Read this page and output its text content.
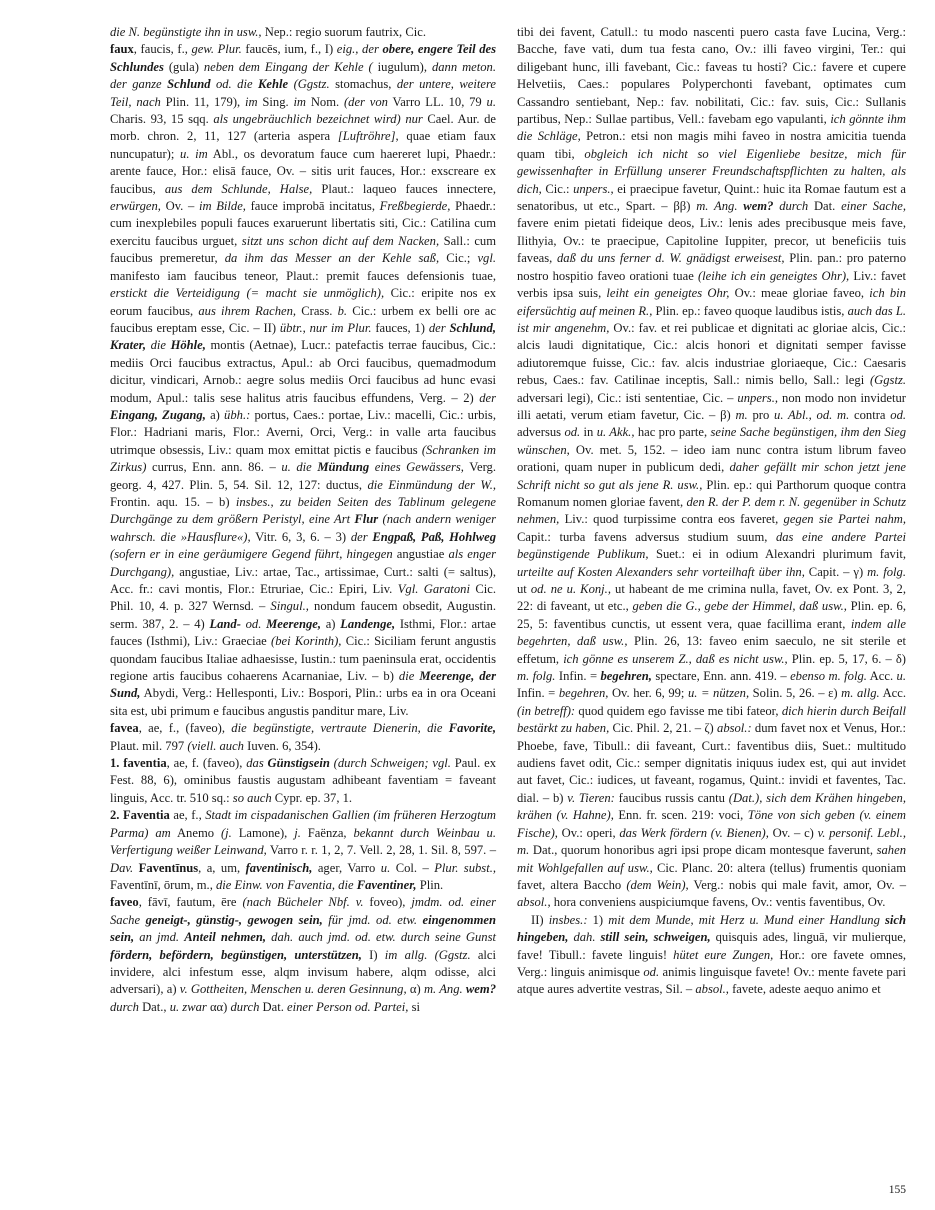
die N. begünstigte ihn in usw., Nep.: regio suorum fautrix, Cic.

faux, faucis, f., gew. Plur. faucēs, ium, f., I) eig., der obere, engere Teil des Schlundes (gula) neben dem Eingang der Kehle ( iugulum), dann meton. der ganze Schlund od. die Kehle (Ggstz. stomachus, der untere, weitere Teil, nach Plin. 11, 179), im Sing. im Nom. (der von Varro LL. 10, 79 u. Charis. 93, 15 sqq. als ungebräuchlich bezeichnet wird) nur Cael. Aur. de morb. chron. 2, 11, 127 (arteria aspera [Luftröhre], quae etiam faux nuncupatur); u. im Abl., os devoratum fauce cum haereret lupi, Phaedr.: arente fauce, Hor.: elisā fauce, Ov. – sitis urit fauces, Hor.: exscreare ex faucibus, aus dem Schlunde, Halse, Plaut.: laqueo fauces innectere, erwürgen, Ov. – im Bilde, fauce improbā incitatus, Freßbegierde, Phaedr.: cum inexplebiles populi fauces exaruerunt libertatis siti, Cic.: Catilina cum exercitu faucibus urguet, sitzt uns schon dicht auf dem Nacken, Sall.: cum faucibus premeretur, da ihm das Messer an der Kehle saß, Cic.; vgl. manifesto iam faucibus teneor, Plaut.: premit fauces defensionis tuae, erstickt die Verteidigung (= macht sie unmöglich), Cic.: eripite nos ex eorum faucibus, aus ihrem Rachen, Crass. b. Cic.: urbem ex belli ore ac faucibus ereptam esse, Cic. – II) übtr., nur im Plur. fauces, 1) der Schlund, Krater, die Höhle, montis (Aetnae), Lucr.: patefactis terrae faucibus, Cic.: mediis Orci faucibus extractus, Apul.: ab Orci faucibus, quemadmodum dicitur, vindicari, Arnob.: aegre solus mediis Orci faucibus ad hunc evasi modum, Apul.: talis sese halitus atris faucibus effundens, Verg. – 2) der Eingang, Zugang, a) übh.: portus, Caes.: portae, Liv.: macelli, Cic.: urbis, Flor.: Hadriani maris, Flor.: Averni, Orci, Verg.: in valle arta faucibus utrimque obsessis, Liv.: quam mox emittat pictis e faucibus (Schranken im Zirkus) currus, Enn. ann. 86. – u. die Mündung eines Gewässers, Verg. georg. 4, 427. Plin. 5, 54. Sil. 12, 127: ductus, die Einmündung der W., Frontin. aqu. 15. – b) insbes., zu beiden Seiten des Tablinum gelegene Durchgänge zu dem größern Peristyl, eine Art Flur (nach andern weniger wahrsch. die »Hausflure«), Vitr. 6, 3, 6. – 3) der Engpaß, Paß, Hohlweg (sofern er in eine geräumigere Gegend führt, hingegen angustiae als enger Durchgang), angustiae, Liv.: artae, Tac., artissimae, Curt.: salti (= saltus), Acc. fr.: cavi montis, Flor.: Etruriae, Cic.: Epiri, Liv. Vgl. Garatoni Cic. Phil. 10, 4. p. 327 Wernsd. – Singul., nondum faucem obsedit, Augustin. serm. 387, 2. – 4) Land- od. Meerenge, a) Landenge, Isthmi, Flor.: artae fauces (Isthmi), Liv.: Graeciae (bei Korinth), Cic.: Siciliam ferunt angustis quondam faucibus Italiae adhaesisse, Iustin.: tum paeninsula erat, occidentis regione artis faucibus cohaerens Acarnaniae, Liv. – b) die Meerenge, der Sund, Abydi, Verg.: Hellesponti, Liv.: Bospori, Plin.: urbs ea in ora Oceani sita est, ubi primum e faucibus angustis panditur mare, Liv.

favea, ae, f., (faveo), die begünstigte, vertraute Dienerin, die Favorite, Plaut. mil. 797 (viell. auch Iuven. 6, 354).

1. faventia, ae, f. (faveo), das Günstigsein (durch Schweigen; vgl. Paul. ex Fest. 88, 6), ominibus faustis augustam adhibeant faventiam = faveant linguis, Acc. tr. 510 sq.: so auch Cypr. ep. 37, 1.

2. Faventia ae, f., Stadt im cispadanischen Gallien (im früheren Herzogtum Parma) am Anemo (j. Lamone), j. Faënza, bekannt durch Weinbau u. Verfertigung weißer Leinwand, Varro r. r. 1, 2, 7. Vell. 2, 28, 1. Sil. 8, 597. – Dav. Faventīnus, a, um, faventinisch, ager, Varro u. Col. – Plur. subst., Faventīnī, ōrum, m., die Einw. von Faventia, die Faventiner, Plin.

faveo, fāvī, fautum, ēre (nach Bücheler Nbf. v. foveo), jmdm. od. einer Sache geneigt-, günstig-, gewogen sein, für jmd. od. etw. eingenommen sein, an jmd. Anteil nehmen, dah. auch jmd. od. etw. durch seine Gunst fördern, befördern, begünstigen, unterstützen, I) im allg. (Ggstz. alci invidere, alci infestum esse, alqm invisum habere, alqm odisse, alci adversari), a) v. Gottheiten, Menschen u. deren Gesinnung, α) m. Ang. wem? durch Dat., u. zwar αα) durch Dat. einer Person od. Partei, si

tibi dei favent, Catull.: tu modo nascenti puero casta fave Lucina, Verg.: Bacche, fave vati, dum tua festa cano, Ov.: illi faveo virgini, Ter.: qui diligebant hunc, illi favebant, Cic.: faveas tu hosti? Cic.: favere et cupere Helvetiis, Caes.: populares Polyperchonti favebant, optimates cum Cassandro sentiebant, Nep.: fav. nobilitati, Cic.: fav. suis, Cic.: Sullanis partibus, Nep.: Sullae partibus, Vell.: favebam ego vapulanti, ich gönnte ihm die Schläge, Petron.: etsi non magis mihi faveo in nostra amicitia tuenda quam tibi, obgleich ich nicht so viel Eigenliebe besitze, mich für gewissenhafter in Erfüllung unserer Freundschaftspflichten zu halten, als dich, Cic.: unpers., ei praecipue favetur, Quint.: huic ita Romae fautum est a senatoribus, ut etc., Spart. – ββ) m. Ang. wem? durch Dat. einer Sache, favere enim pietati fideique deos, Liv.: lenis ades precibusque meis fave, Ilithyia, Ov.: te praecipue, Capitoline Iuppiter, precor, ut beneficiis tuis faveas, daß du uns ferner d. W. gnädigst erweisest, Plin. pan.: pro paterno nostro hospitio faveo orationi tuae (leihe ich ein geneigtes Ohr), Liv.: favet verbis ipsa suis, leiht ein geneigtes Ohr, Ov.: meae gloriae faveo, ich bin eifersüchtig auf meinen R., Plin. ep.: faveo quoque laudibus istis, auch das L. ist mir angenehm, Ov.: fav. et rei publicae et dignitati ac gloriae alcis, Cic.: alcis laudi dignitatique, Cic.: alcis honori et dignitati semper favisse adiutoremque fuisse, Cic.: fav. alcis industriae gloriaeque, Cic.: Caesaris rebus, Caes.: fav. Catilinae inceptis, Sall.: nimis bello, Sall.: legi (Ggstz. adversari legi), Cic.: isti sententiae, Cic. – unpers., non modo non invidetur illi aetati, verum etiam favetur, Cic. – β) m. pro u. Abl., od. m. contra od. adversus od. in u. Akk., hac pro parte, seine Sache begünstigen, ihm den Sieg wünschen, Ov. met. 5, 152. – ideo iam nunc contra istum librum faveo orationi, quam nuper in publicum dedi, daher gefällt mir schon jetzt jene Schrift nicht so gut als jene R. usw., Plin. ep.: qui Parthorum quoque contra Romanum nomen gloriae favent, den R. der P. dem r. N. gegenüber in Schutz nehmen, Liv.: quod turpissime contra eos faveret, gegen sie Partei nahm, Capit.: turba favens adversus studium suum, das eine andere Partei begünstigende Publikum, Suet.: ei in odium Alexandri plurimum favit, urteilte auf Kosten Alexanders sehr vorteilhaft über ihn, Capit. – γ) m. folg. ut od. ne u. Konj., ut habeant de me crimina nulla, favet, Ov. ex Pont. 3, 2, 22: di faveant, ut etc., geben die G., gebe der Himmel, daß usw., Plin. ep. 6, 25, 5: faventibus cunctis, ut essent vera, quae facillima erant, indem alle begehrten, daß usw., Plin. 26, 13: faveo enim saeculo, ne sit sterile et effetum, ich gönne es unserem Z., daß es nicht usw., Plin. ep. 5, 17, 6. – δ) m. folg. Infin. = begehren, spectare, Enn. ann. 419. – ebenso m. folg. Acc. u. Infin. = begehren, Ov. her. 6, 99; u. = nützen, Solin. 5, 26. – ε) m. allg. Acc. (in betreff): quod quidem ego favisse me tibi fateor, dich hierin durch Beifall bestärkt zu haben, Cic. Phil. 2, 21. – ζ) absol.: dum favet nox et Venus, Hor.: Phoebe, fave, Tibull.: dii faveant, Curt.: faventibus diis, Suet.: multitudo audiens favet odit, Cic.: semper dignitatis iniquus iudex est, qui aut invidet aut favet, Cic.: iudices, ut faveant, rogamus, Quint.: invidi et faventes, Tac. dial. – b) v. Tieren: faucibus russis cantu (Dat.), sich dem Krähen hingeben, krähen (v. Hahne), Enn. fr. scen. 219: voci, Töne von sich geben (v. einem Fische), Ov.: operi, das Werk fördern (v. Bienen), Ov. – c) v. personif. Lebl., m. Dat., quorum honoribus agri ipsi prope dicam montesque faverunt, sahen mit Wohlgefallen auf usw., Cic. Planc. 20: altera (tellus) frumentis quoniam favet, altera Baccho (dem Wein), Verg.: nobis qui male favit, amor, Ov. – absol., hora conveniens auspiciumque favens, Ov.: ventis faventibus, Ov.

II) insbes.: 1) mit dem Munde, mit Herz u. Mund einer Handlung sich hingeben, dah. still sein, schweigen, quisquis ades, linguā, vir mulierque, fave! Tibull.: favete linguis! hütet eure Zungen, Hor.: ore favete omnes, Verg.: linguis animisque od. animis linguisque favete! Ov.: mente favete pari atque aures advertite vestras, Sil. – absol., favete, adeste aequo animo et

155
